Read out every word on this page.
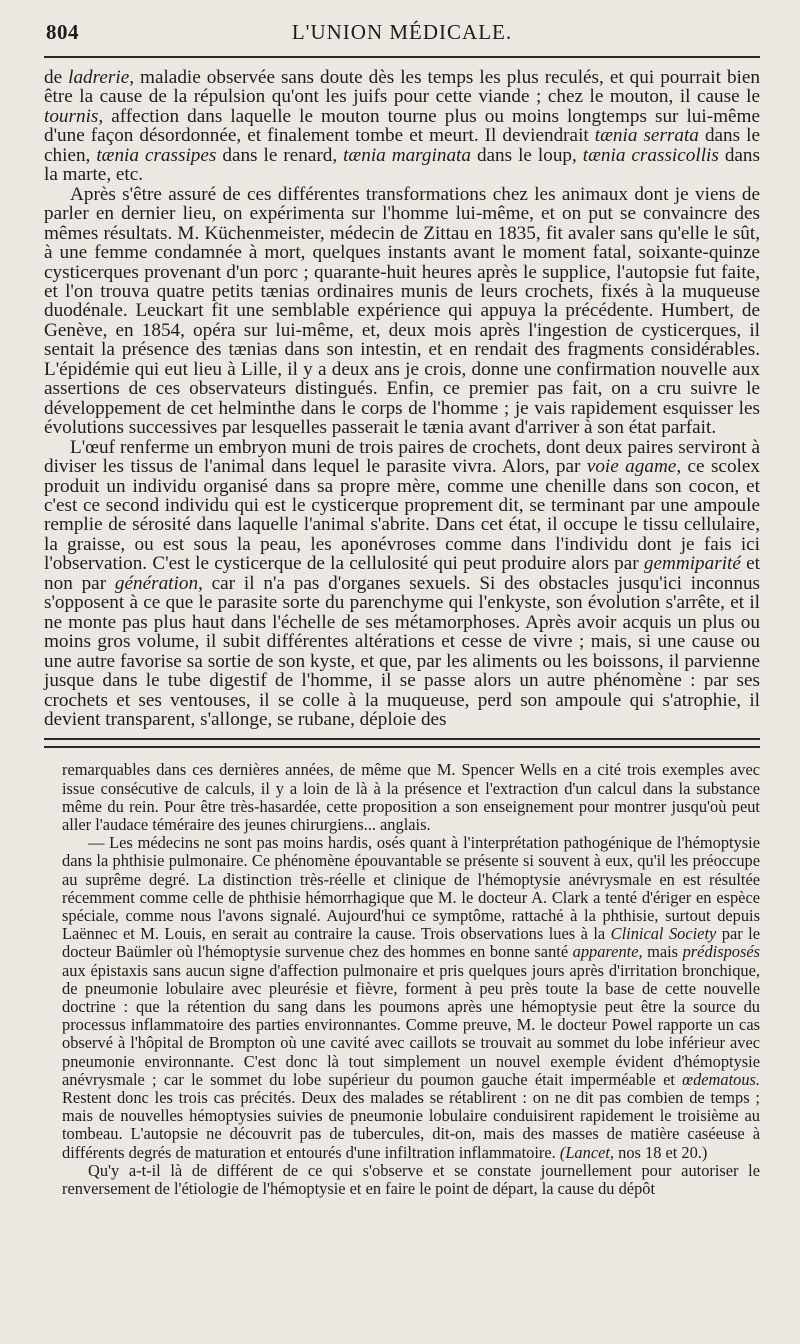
804	L'UNION MÉDICALE.

de ladrerie, maladie observée sans doute dès les temps les plus reculés, et qui pourrait bien être la cause de la répulsion qu'ont les juifs pour cette viande ; chez le mouton, il cause le tournis, affection dans laquelle le mouton tourne plus ou moins longtemps sur lui-même d'une façon désordonnée, et finalement tombe et meurt. Il deviendrait tænia serrata dans le chien, tænia crassipes dans le renard, tænia marginata dans le loup, tænia crassicollis dans la marte, etc.

Après s'être assuré de ces différentes transformations chez les animaux dont je viens de parler en dernier lieu, on expérimenta sur l'homme lui-même, et on put se convaincre des mêmes résultats. M. Küchenmeister, médecin de Zittau en 1835, fit avaler sans qu'elle le sût, à une femme condamnée à mort, quelques instants avant le moment fatal, soixante-quinze cysticerques provenant d'un porc ; quarante-huit heures après le supplice, l'autopsie fut faite, et l'on trouva quatre petits tænias ordinaires munis de leurs crochets, fixés à la muqueuse duodénale. Leuckart fit une semblable expérience qui appuya la précédente. Humbert, de Genève, en 1854, opéra sur lui-même, et, deux mois après l'ingestion de cysticerques, il sentait la présence des tænias dans son intestin, et en rendait des fragments considérables. L'épidémie qui eut lieu à Lille, il y a deux ans je crois, donne une confirmation nouvelle aux assertions de ces observateurs distingués. Enfin, ce premier pas fait, on a cru suivre le développement de cet helminthe dans le corps de l'homme ; je vais rapidement esquisser les évolutions successives par lesquelles passerait le tænia avant d'arriver à son état parfait.

L'œuf renferme un embryon muni de trois paires de crochets, dont deux paires serviront à diviser les tissus de l'animal dans lequel le parasite vivra. Alors, par voie agame, ce scolex produit un individu organisé dans sa propre mère, comme une chenille dans son cocon, et c'est ce second individu qui est le cysticerque proprement dit, se terminant par une ampoule remplie de sérosité dans laquelle l'animal s'abrite. Dans cet état, il occupe le tissu cellulaire, la graisse, ou est sous la peau, les aponévroses comme dans l'individu dont je fais ici l'observation. C'est le cysticerque de la cellulosité qui peut produire alors par gemmiparité et non par génération, car il n'a pas d'organes sexuels. Si des obstacles jusqu'ici inconnus s'opposent à ce que le parasite sorte du parenchyme qui l'enkyste, son évolution s'arrête, et il ne monte pas plus haut dans l'échelle de ses métamorphoses. Après avoir acquis un plus ou moins gros volume, il subit différentes altérations et cesse de vivre ; mais, si une cause ou une autre favorise sa sortie de son kyste, et que, par les aliments ou les boissons, il parvienne jusque dans le tube digestif de l'homme, il se passe alors un autre phénomène : par ses crochets et ses ventouses, il se colle à la muqueuse, perd son ampoule qui s'atrophie, il devient transparent, s'allonge, se rubane, déploie des

remarquables dans ces dernières années, de même que M. Spencer Wells en a cité trois exemples avec issue consécutive de calculs, il y a loin de là à la présence et l'extraction d'un calcul dans la substance même du rein. Pour être très-hasardée, cette proposition a son enseignement pour montrer jusqu'où peut aller l'audace téméraire des jeunes chirurgiens... anglais.

— Les médecins ne sont pas moins hardis, osés quant à l'interprétation pathogénique de l'hémoptysie dans la phthisie pulmonaire. Ce phénomène épouvantable se présente si souvent à eux, qu'il les préoccupe au suprême degré. La distinction très-réelle et clinique de l'hémoptysie anévrysmale en est résultée récemment comme celle de phthisie hémorrhagique que M. le docteur A. Clark a tenté d'ériger en espèce spéciale, comme nous l'avons signalé. Aujourd'hui ce symptôme, rattaché à la phthisie, surtout depuis Laënnec et M. Louis, en serait au contraire la cause. Trois observations lues à la Clinical Society par le docteur Baümler où l'hémoptysie survenue chez des hommes en bonne santé apparente, mais prédisposés aux épistaxis sans aucun signe d'affection pulmonaire et pris quelques jours après d'irritation bronchique, de pneumonie lobulaire avec pleurésie et fièvre, forment à peu près toute la base de cette nouvelle doctrine : que la rétention du sang dans les poumons après une hémoptysie peut être la source du processus inflammatoire des parties environnantes. Comme preuve, M. le docteur Powel rapporte un cas observé à l'hôpital de Brompton où une cavité avec caillots se trouvait au sommet du lobe inférieur avec pneumonie environnante. C'est donc là tout simplement un nouvel exemple évident d'hémoptysie anévrysmale ; car le sommet du lobe supérieur du poumon gauche était imperméable et œdematous. Restent donc les trois cas précités. Deux des malades se rétablirent : on ne dit pas combien de temps ; mais de nouvelles hémoptysies suivies de pneumonie lobulaire conduisirent rapidement le troisième au tombeau. L'autopsie ne découvrit pas de tubercules, dit-on, mais des masses de matière caséeuse à différents degrés de maturation et entourés d'une infiltration inflammatoire. (Lancet, nos 18 et 20.)

Qu'y a-t-il là de différent de ce qui s'observe et se constate journellement pour autoriser le renversement de l'étiologie de l'hémoptysie et en faire le point de départ, la cause du dépôt
